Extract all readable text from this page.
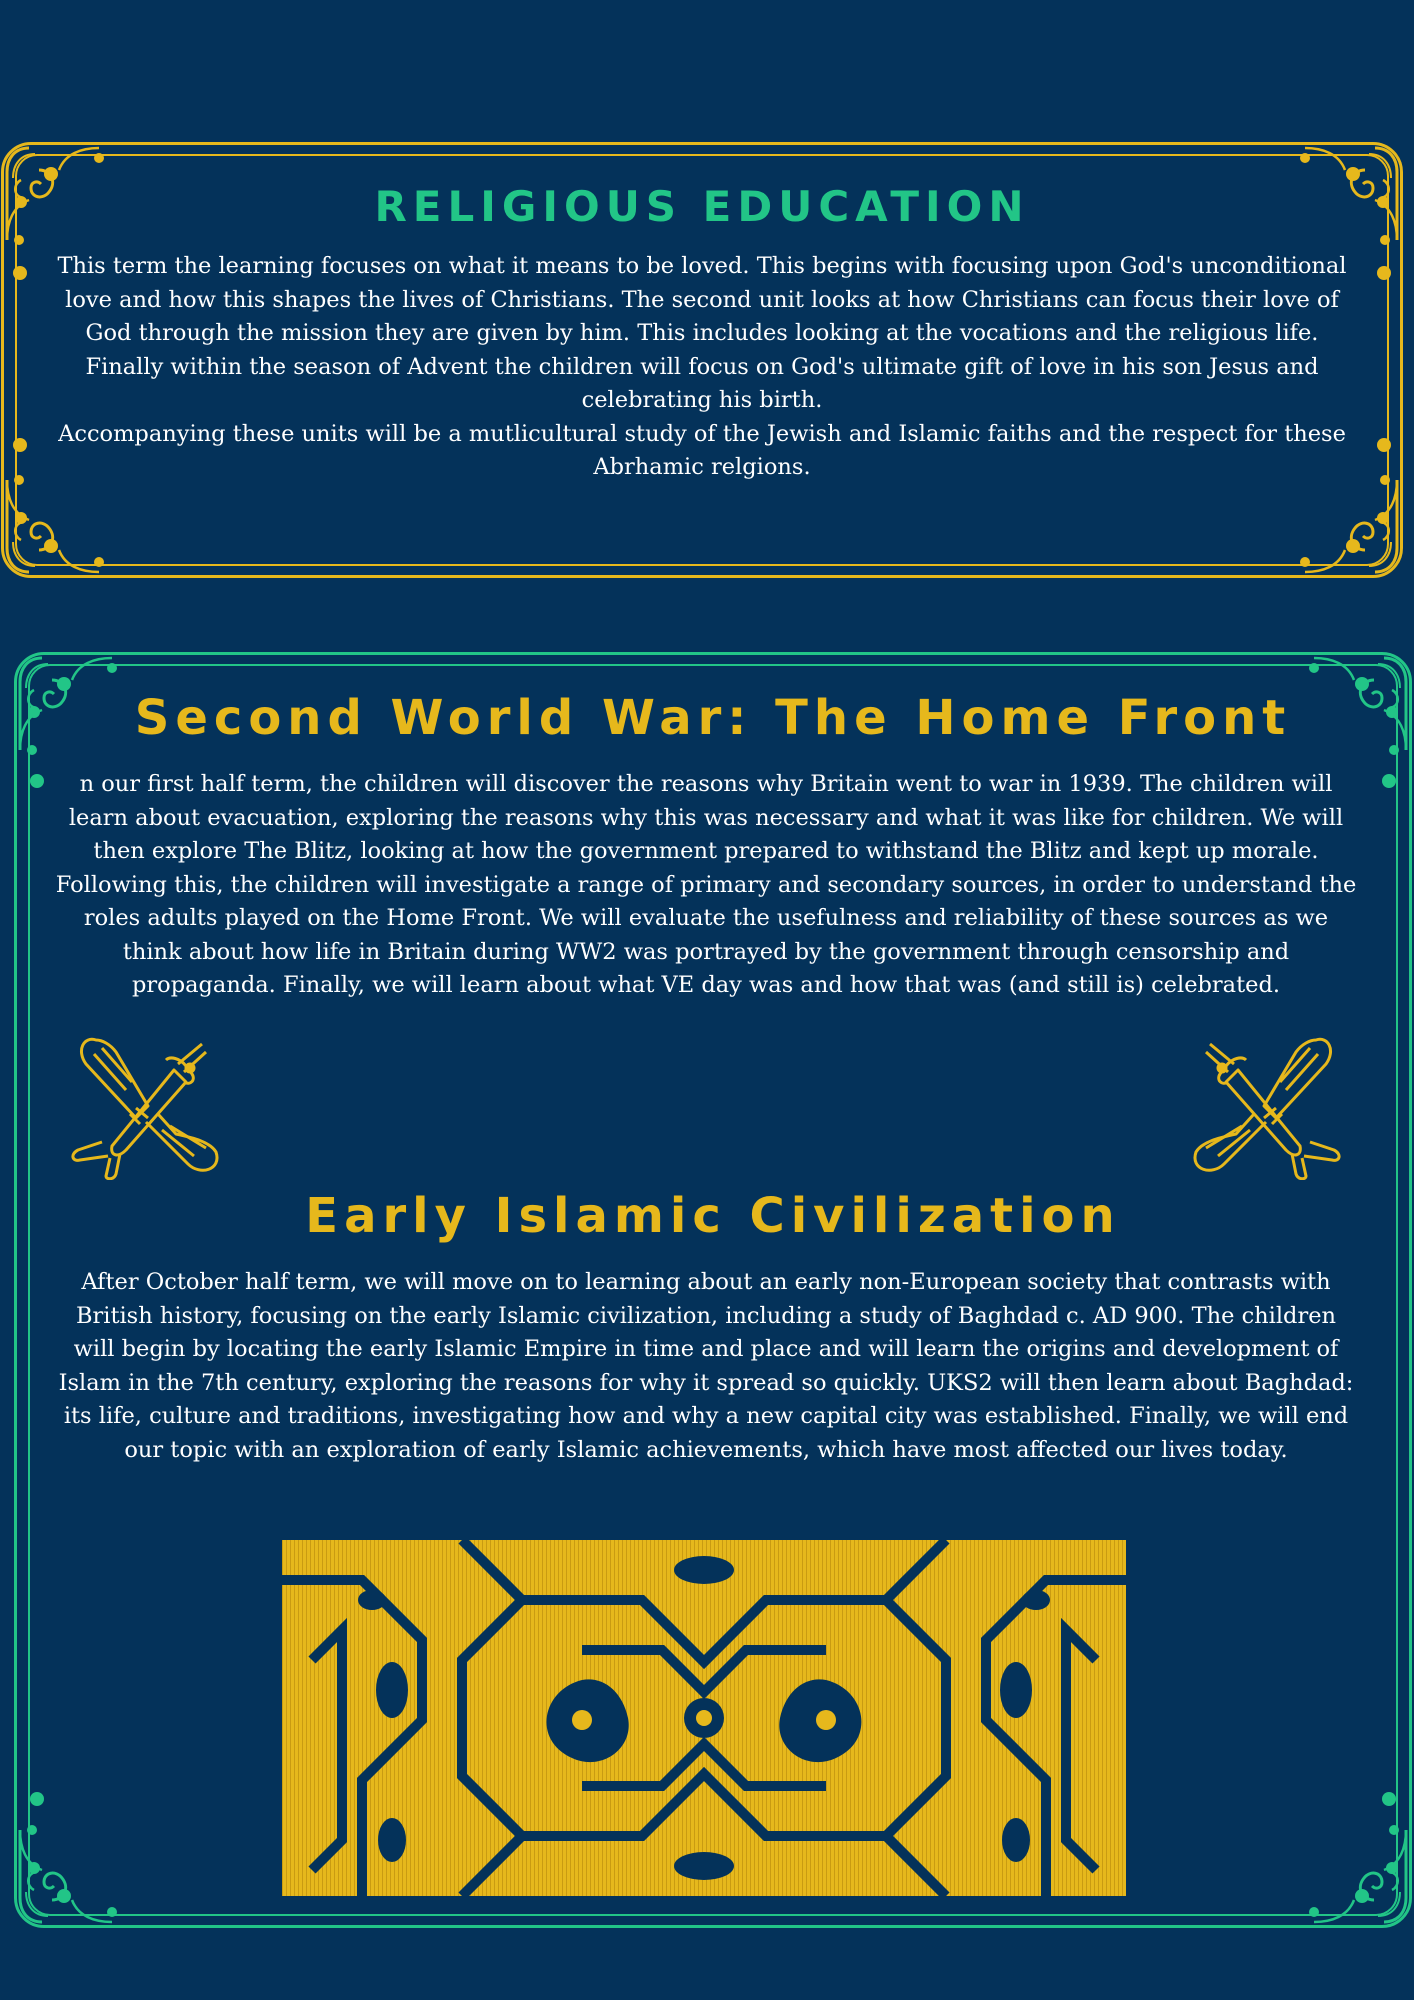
RELIGIOUS EDUCATION

This term the learning focuses on what it means to be loved. This begins with focusing upon God's unconditional love and how this shapes the lives of Christians. The second unit looks at how Christians can focus their love of God through the mission they are given by him. This includes looking at the vocations and the religious life. Finally within the season of Advent the children will focus on God's ultimate gift of love in his son Jesus and celebrating his birth.

Accompanying these units will be a mutlicultural study of the Jewish and Islamic faiths and the respect for these Abrhamic relgions.

Second World War: The Home Front

n our first half term, the children will discover the reasons why Britain went to war in 1939. The children will learn about evacuation, exploring the reasons why this was necessary and what it was like for children. We will then explore The Blitz, looking at how the government prepared to withstand the Blitz and kept up morale. Following this, the children will investigate a range of primary and secondary sources, in order to understand the roles adults played on the Home Front. We will evaluate the usefulness and reliability of these sources as we think about how life in Britain during WW2 was portrayed by the government through censorship and propaganda. Finally, we will learn about what VE day was and how that was (and still is) celebrated.

Early Islamic Civilization

After October half term, we will move on to learning about an early non-European society that contrasts with British history, focusing on the early Islamic civilization, including a study of Baghdad c. AD 900. The children will begin by locating the early Islamic Empire in time and place and will learn the origins and development of Islam in the 7th century, exploring the reasons for why it spread so quickly. UKS2 will then learn about Baghdad: its life, culture and traditions, investigating how and why a new capital city was established. Finally, we will end our topic with an exploration of early Islamic achievements, which have most affected our lives today.
